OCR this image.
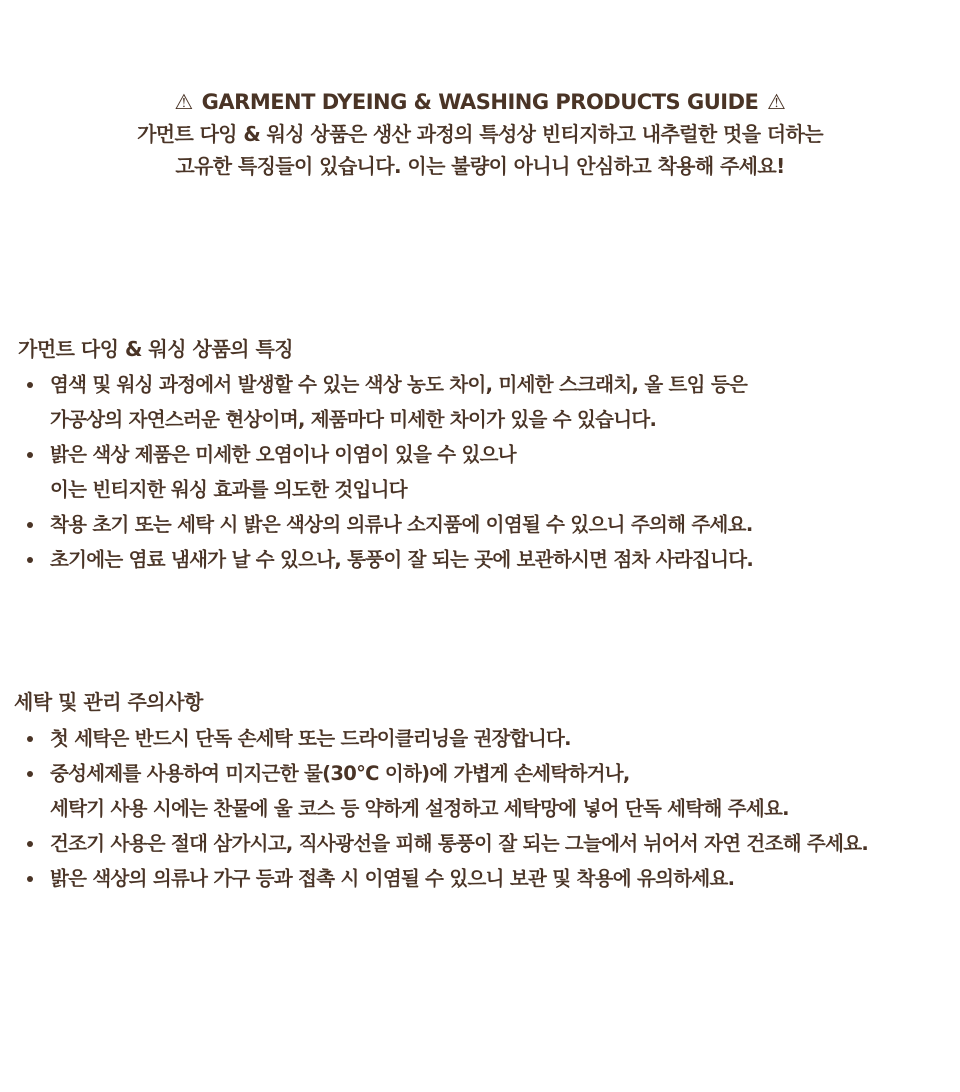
⚠ GARMENT DYEING & WASHING PRODUCTS GUIDE ⚠
가먼트 다잉 & 워싱 상품은 생산 과정의 특성상 빈티지하고 내추럴한 멋을 더하는
고유한 특징들이 있습니다. 이는 불량이 아니니 안심하고 착용해 주세요!
가먼트 다잉 & 워싱 상품의 특징
염색 및 워싱 과정에서 발생할 수 있는 색상 농도 차이, 미세한 스크래치, 올 트임 등은
가공상의 자연스러운 현상이며, 제품마다 미세한 차이가 있을 수 있습니다.
밝은 색상 제품은 미세한 오염이나 이염이 있을 수 있으나
이는 빈티지한 워싱 효과를 의도한 것입니다
착용 초기 또는 세탁 시 밝은 색상의 의류나 소지품에 이염될 수 있으니 주의해 주세요.
초기에는 염료 냄새가 날 수 있으나, 통풍이 잘 되는 곳에 보관하시면 점차 사라집니다.
세탁 및 관리 주의사항
첫 세탁은 반드시 단독 손세탁 또는 드라이클리닝을 권장합니다.
중성세제를 사용하여 미지근한 물(30°C 이하)에 가볍게 손세탁하거나,
세탁기 사용 시에는 찬물에 울 코스 등 약하게 설정하고 세탁망에 넣어 단독 세탁해 주세요.
건조기 사용은 절대 삼가시고, 직사광선을 피해 통풍이 잘 되는 그늘에서 뉘어서 자연 건조해 주세요.
밝은 색상의 의류나 가구 등과 접촉 시 이염될 수 있으니 보관 및 착용에 유의하세요.
